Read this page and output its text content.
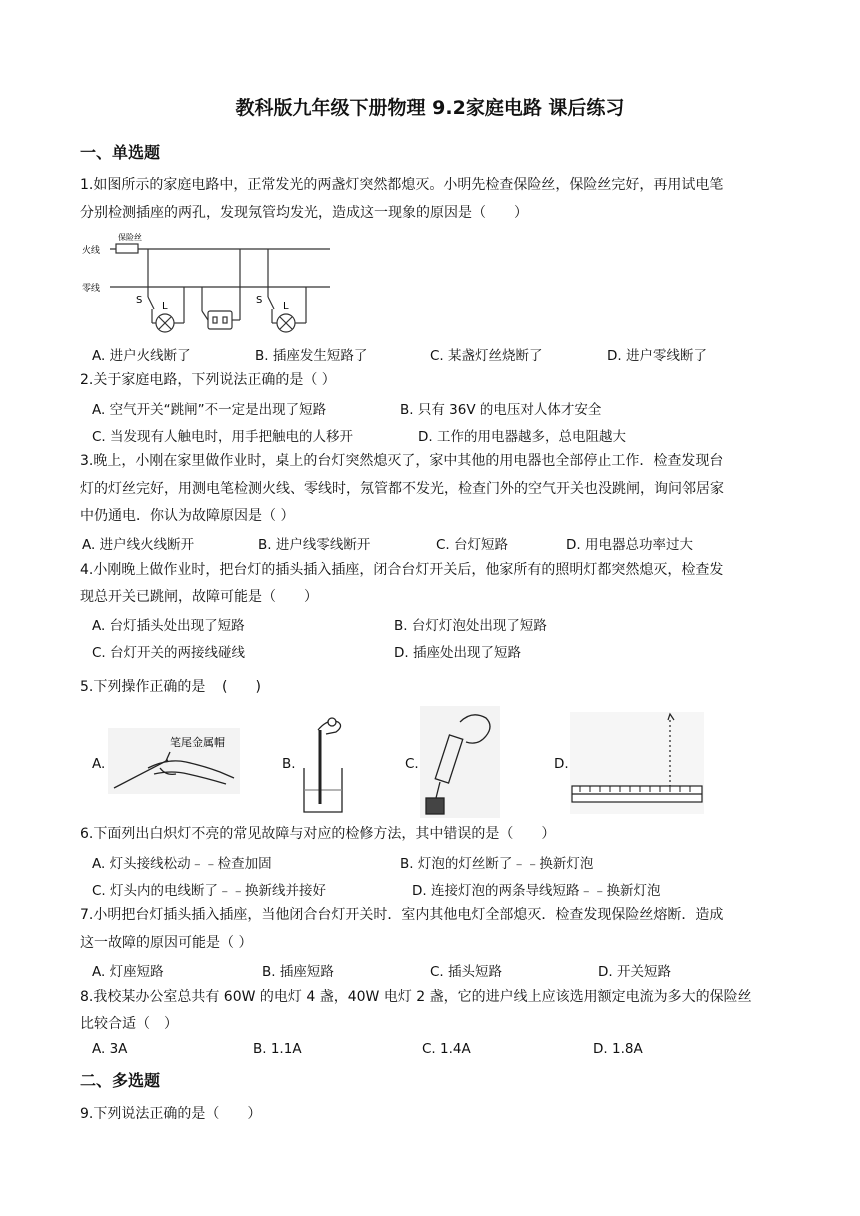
教科版九年级下册物理 9.2家庭电路 课后练习
一、单选题
1.如图所示的家庭电路中，正常发光的两盏灯突然都熄灭。小明先检查保险丝，保险丝完好，再用试电笔
分别检测插座的两孔，发现氖管均发光，造成这一现象的原因是（　　）
火线
零线
保险丝
S
L
S
L
A. 进户火线断了	B. 插座发生短路了	C. 某盏灯丝烧断了	D. 进户零线断了
2.关于家庭电路，下列说法正确的是（ ）
A. 空气开关“跳闸”不一定是出现了短路	B. 只有 36V 的电压对人体才安全
C. 当发现有人触电时，用手把触电的人移开	D. 工作的用电器越多，总电阻越大
3.晚上，小刚在家里做作业时，桌上的台灯突然熄灭了，家中其他的用电器也全部停止工作．检查发现台
灯的灯丝完好，用测电笔检测火线、零线时，氖管都不发光，检查门外的空气开关也没跳闸，询问邻居家
中仍通电．你认为故障原因是（ ）
A. 进户线火线断开	B. 进户线零线断开	C. 台灯短路	D. 用电器总功率过大
4.小刚晚上做作业时，把台灯的插头插入插座，闭合台灯开关后，他家所有的照明灯都突然熄灭，检查发
现总开关已跳闸，故障可能是（　　）
A. 台灯插头处出现了短路	B. 台灯灯泡处出现了短路
C. 台灯开关的两接线碰线	D. 插座处出现了短路
5.下列操作正确的是 (　　)
A.
笔尾金属帽
B.	C.	D.
6.下面列出白炽灯不亮的常见故障与对应的检修方法，其中错误的是（　　）
A. 灯头接线松动﹣﹣检查加固	B. 灯泡的灯丝断了﹣﹣换新灯泡
C. 灯头内的电线断了﹣﹣换新线并接好	D. 连接灯泡的两条导线短路﹣﹣换新灯泡
7.小明把台灯插头插入插座，当他闭合台灯开关时．室内其他电灯全部熄灭．检查发现保险丝熔断．造成
这一故障的原因可能是（ ）
A. 灯座短路	B. 插座短路	C. 插头短路	D. 开关短路
8.我校某办公室总共有 60W 的电灯 4 盏，40W 电灯 2 盏，它的进户线上应该选用额定电流为多大的保险丝
比较合适（　）
A. 3A	B. 1.1A	C. 1.4A	D. 1.8A
二、多选题
9.下列说法正确的是（　　）
